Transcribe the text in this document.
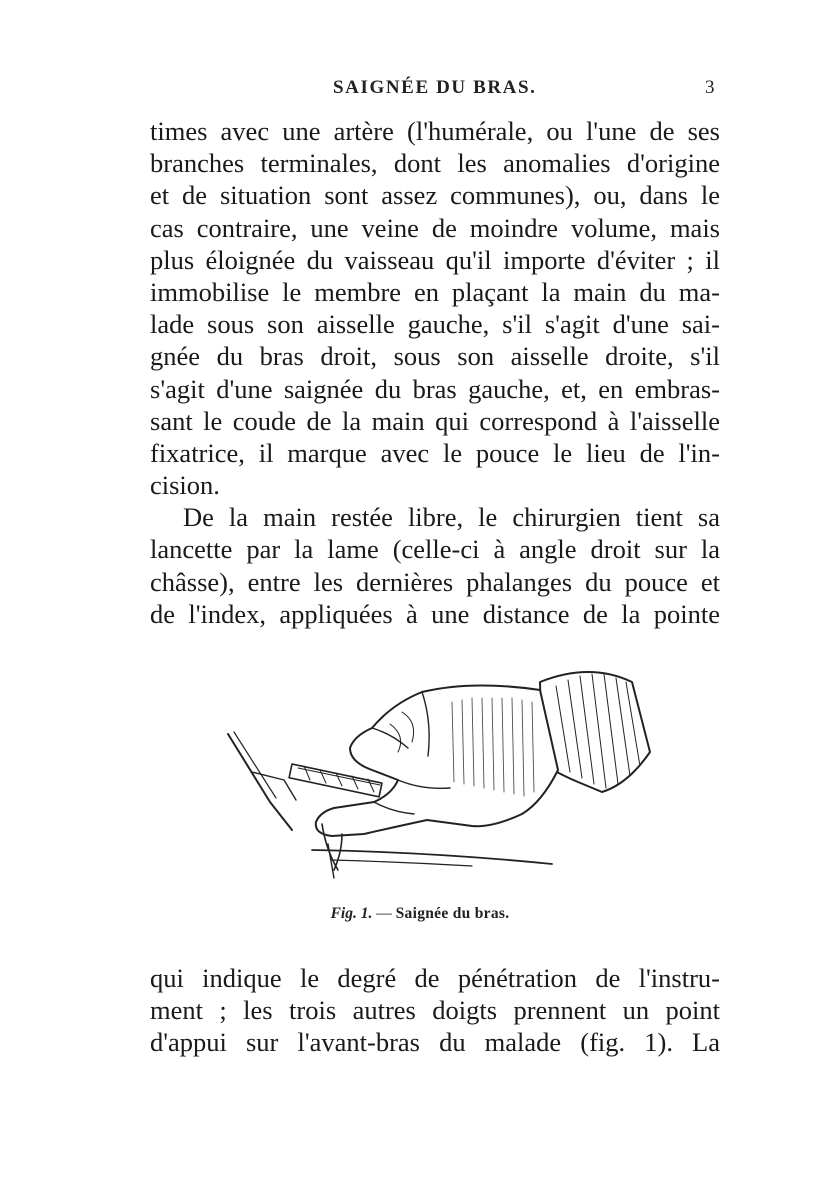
SAIGNÉE DU BRAS.	3
times avec une artère (l'humérale, ou l'une de ses
branches terminales, dont les anomalies d'origine
et de situation sont assez communes), ou, dans le
cas contraire, une veine de moindre volume, mais
plus éloignée du vaisseau qu'il importe d'éviter ; il
immobilise le membre en plaçant la main du ma-
lade sous son aisselle gauche, s'il s'agit d'une sai-
gnée du bras droit, sous son aisselle droite, s'il
s'agit d'une saignée du bras gauche, et, en embras-
sant le coude de la main qui correspond à l'aisselle
fixatrice, il marque avec le pouce le lieu de l'in-
cision.
De la main restée libre, le chirurgien tient sa
lancette par la lame (celle-ci à angle droit sur la
châsse), entre les dernières phalanges du pouce et
de l'index, appliquées à une distance de la pointe
Fig. 1. — Saignée du bras.
qui indique le degré de pénétration de l'instru-
ment ; les trois autres doigts prennent un point
d'appui sur l'avant-bras du malade (fig. 1). La
